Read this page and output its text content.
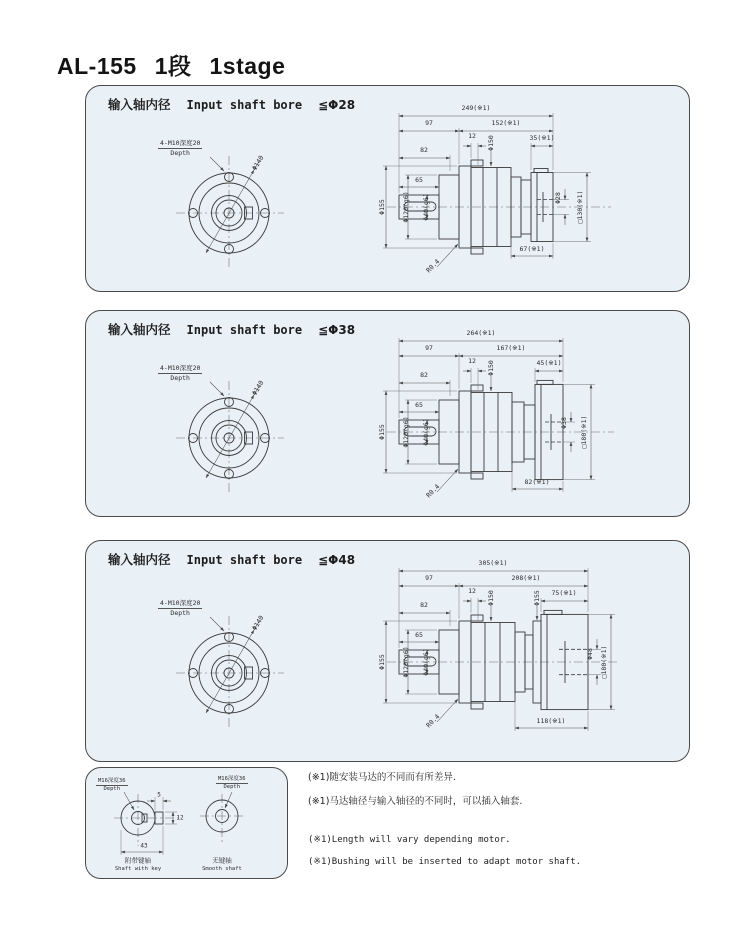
AL-155 1段 1stage
输入轴内径 Input shaft bore ≦Φ28
4-M10深度20
Depth
Φ140
249(※1)
97	152(※1)
12	35(※1)
82	Φ150
65
Φ155 Φ120(g6) Φ40(g6)	Φ28 □130(※1)
R0.4
67(※1)
输入轴内径 Input shaft bore ≦Φ38
4-M10深度20
Depth
Φ140
264(※1)
97	167(※1)
12	45(※1)
82	Φ150
65
Φ155 Φ120(g6) Φ40(g6)	Φ38 □180(※1)
R0.4
82(※1)
输入轴内径 Input shaft bore ≦Φ48
4-M10深度20
Depth
Φ140
305(※1)
97	208(※1)
12	75(※1)
82	Φ150	Φ155
65
Φ155 Φ120(g6) Φ40(g6)	Φ48 □180(※1)
R0.4	118(※1)
M16深度36
Depth
M16深度36
Depth
5
12
43
附带键轴
Shaft with key
无键轴
Smooth shaft
(※1)随安装马达的不同而有所差异.
(※1)马达轴径与输入轴径的不同时，可以插入轴套.
(※1)Length will vary depending motor.
(※1)Bushing will be inserted to adapt motor shaft.
